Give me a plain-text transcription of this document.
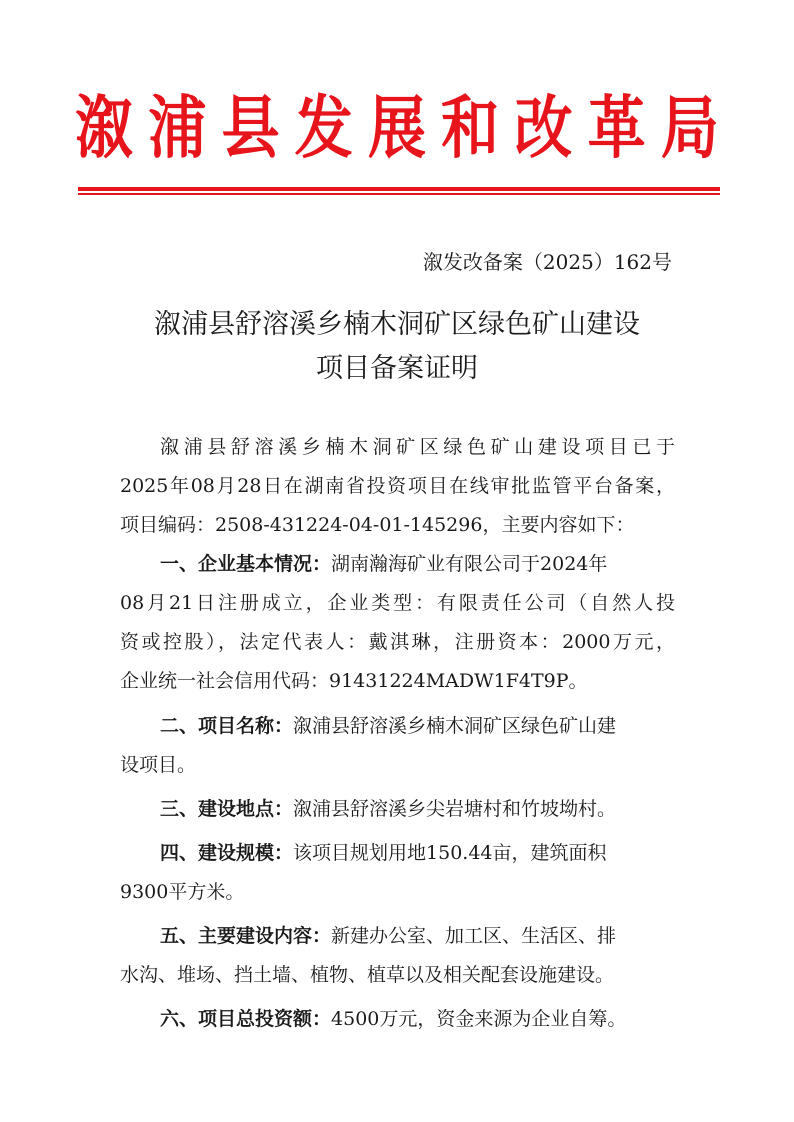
溆 浦 县 发 展 和 改 革 局
溆发改备案（2025）162号
溆浦县舒溶溪乡楠木洞矿区绿色矿山建设
项目备案证明
溆浦县舒溶溪乡楠木洞矿区绿色矿山建设项目已于
2025年08月28日在湖南省投资项目在线审批监管平台备案，
项目编码：2508-431224-04-01-145296，主要内容如下：
一、企业基本情况：湖南瀚海矿业有限公司于2024年
08月21日注册成立，企业类型：有限责任公司（自然人投
资或控股），法定代表人：戴淇琳，注册资本：2000万元，
企业统一社会信用代码：91431224MADW1F4T9P。
二、项目名称：溆浦县舒溶溪乡楠木洞矿区绿色矿山建
设项目。
三、建设地点：溆浦县舒溶溪乡尖岩塘村和竹坡坳村。
四、建设规模：该项目规划用地150.44亩，建筑面积
9300平方米。
五、主要建设内容：新建办公室、加工区、生活区、排
水沟、堆场、挡土墙、植物、植草以及相关配套设施建设。
六、项目总投资额：4500万元，资金来源为企业自筹。
